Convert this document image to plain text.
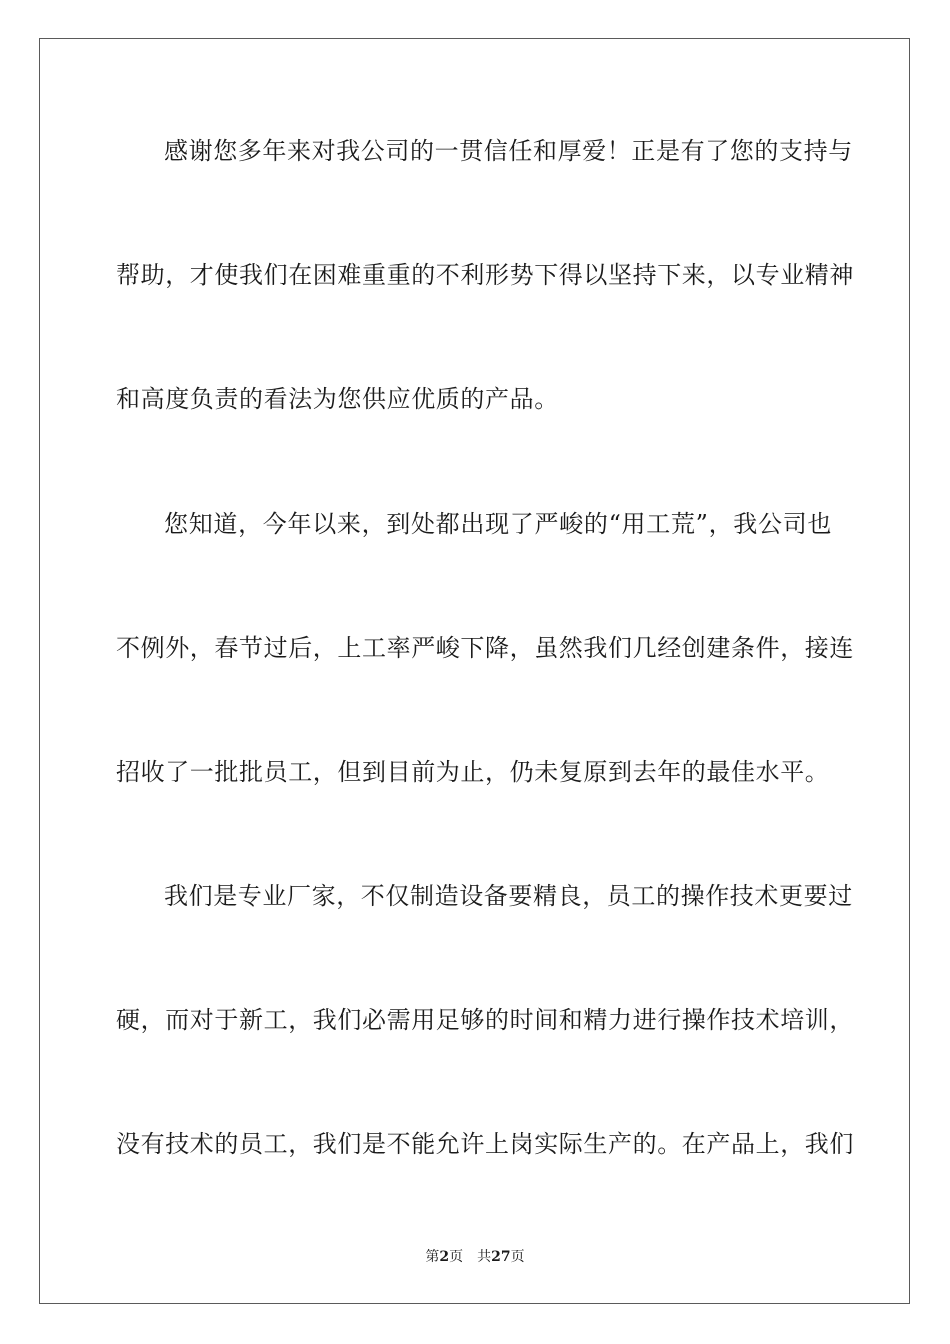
感谢您多年来对我公司的一贯信任和厚爱！正是有了您的支持与
帮助，才使我们在困难重重的不利形势下得以坚持下来，以专业精神
和高度负责的看法为您供应优质的产品。
您知道，今年以来，到处都出现了严峻的“用工荒”，我公司也
不例外，春节过后，上工率严峻下降，虽然我们几经创建条件，接连
招收了一批批员工，但到目前为止，仍未复原到去年的最佳水平。
我们是专业厂家，不仅制造设备要精良，员工的操作技术更要过
硬，而对于新工，我们必需用足够的时间和精力进行操作技术培训，
没有技术的员工，我们是不能允许上岗实际生产的。在产品上，我们
第2页 共27页
